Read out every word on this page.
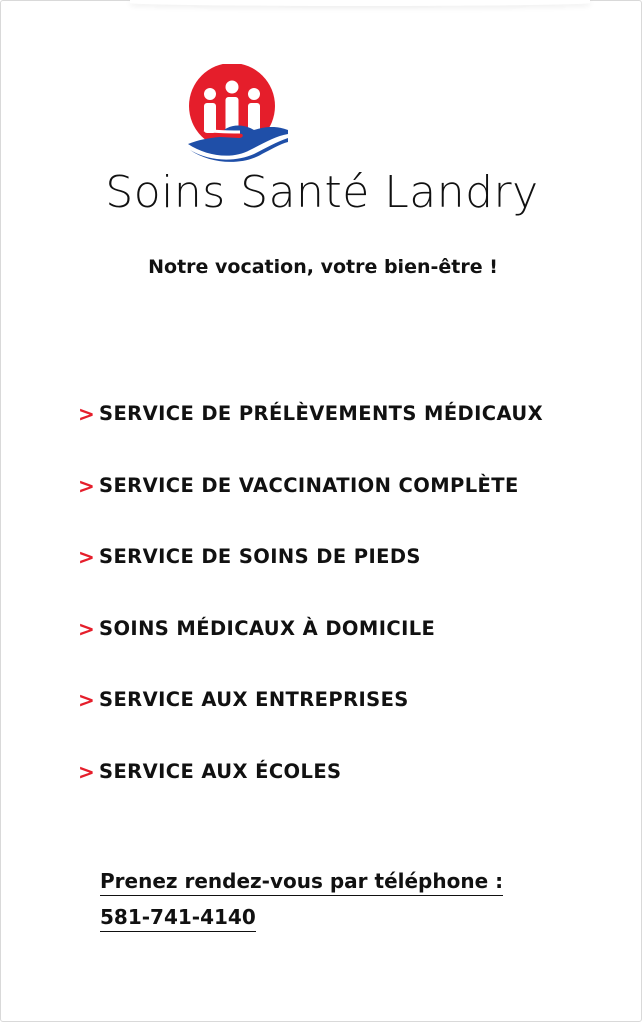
Soins Santé Landry
Notre vocation, votre bien-être !
> SERVICE DE PRÉLÈVEMENTS MÉDICAUX
> SERVICE DE VACCINATION COMPLÈTE
> SERVICE DE SOINS DE PIEDS
> SOINS MÉDICAUX À DOMICILE
> SERVICE AUX ENTREPRISES
> SERVICE AUX ÉCOLES
Prenez rendez-vous par téléphone :
581-741-4140
